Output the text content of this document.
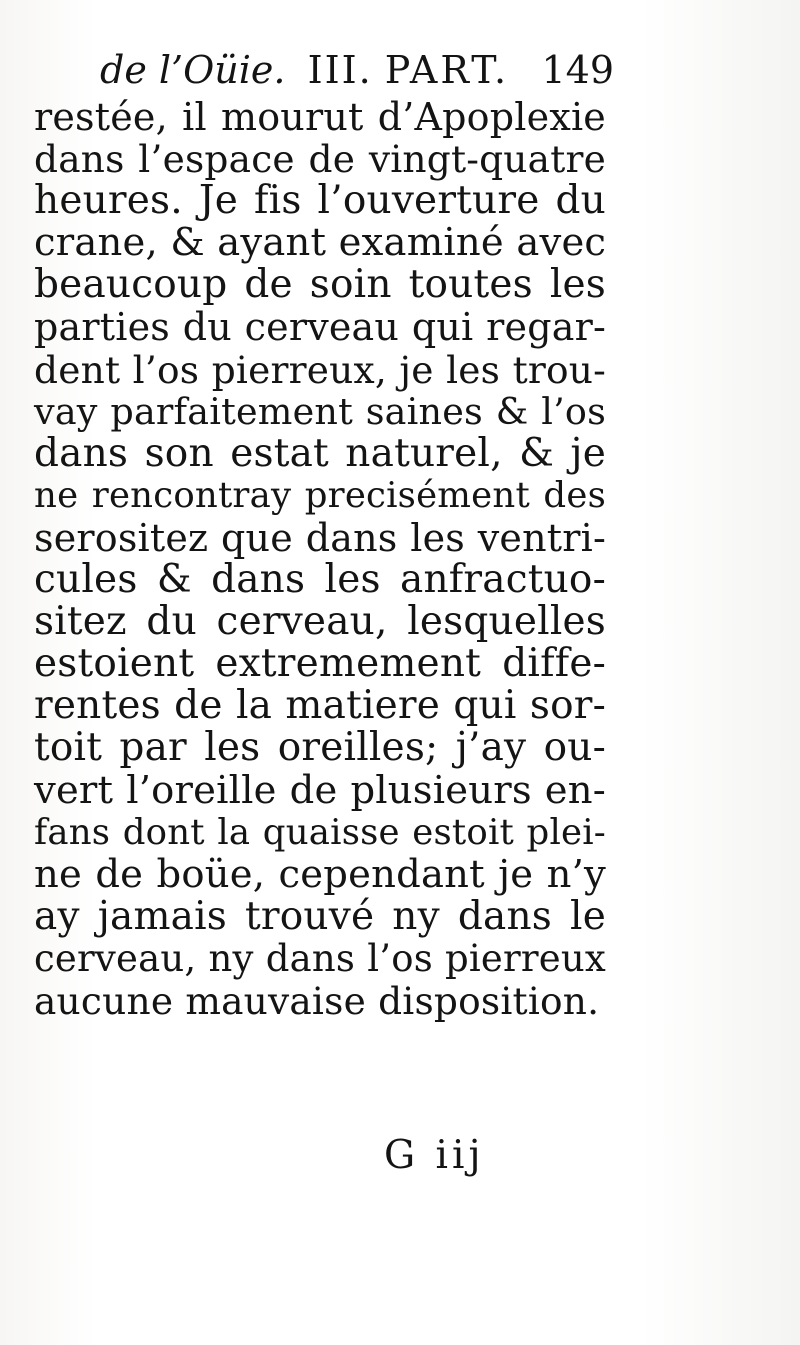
de l’Oüie. III. PART. 149
restée, il mourut d’Apoplexie
dans l’espace de vingt-quatre
heures. Je fis l’ouverture du
crane, & ayant examiné avec
beaucoup de soin toutes les
parties du cerveau qui regar-
dent l’os pierreux, je les trou-
vay parfaitement saines & l’os
dans son estat naturel, & je
ne rencontray precisément des
serositez que dans les ventri-
cules & dans les anfractuo-
sitez du cerveau, lesquelles
estoient extremement diffe-
rentes de la matiere qui sor-
toit par les oreilles; j’ay ou-
vert l’oreille de plusieurs en-
fans dont la quaisse estoit plei-
ne de boüe, cependant je n’y
ay jamais trouvé ny dans le
cerveau, ny dans l’os pierreux
aucune mauvaise disposition.
G iij
